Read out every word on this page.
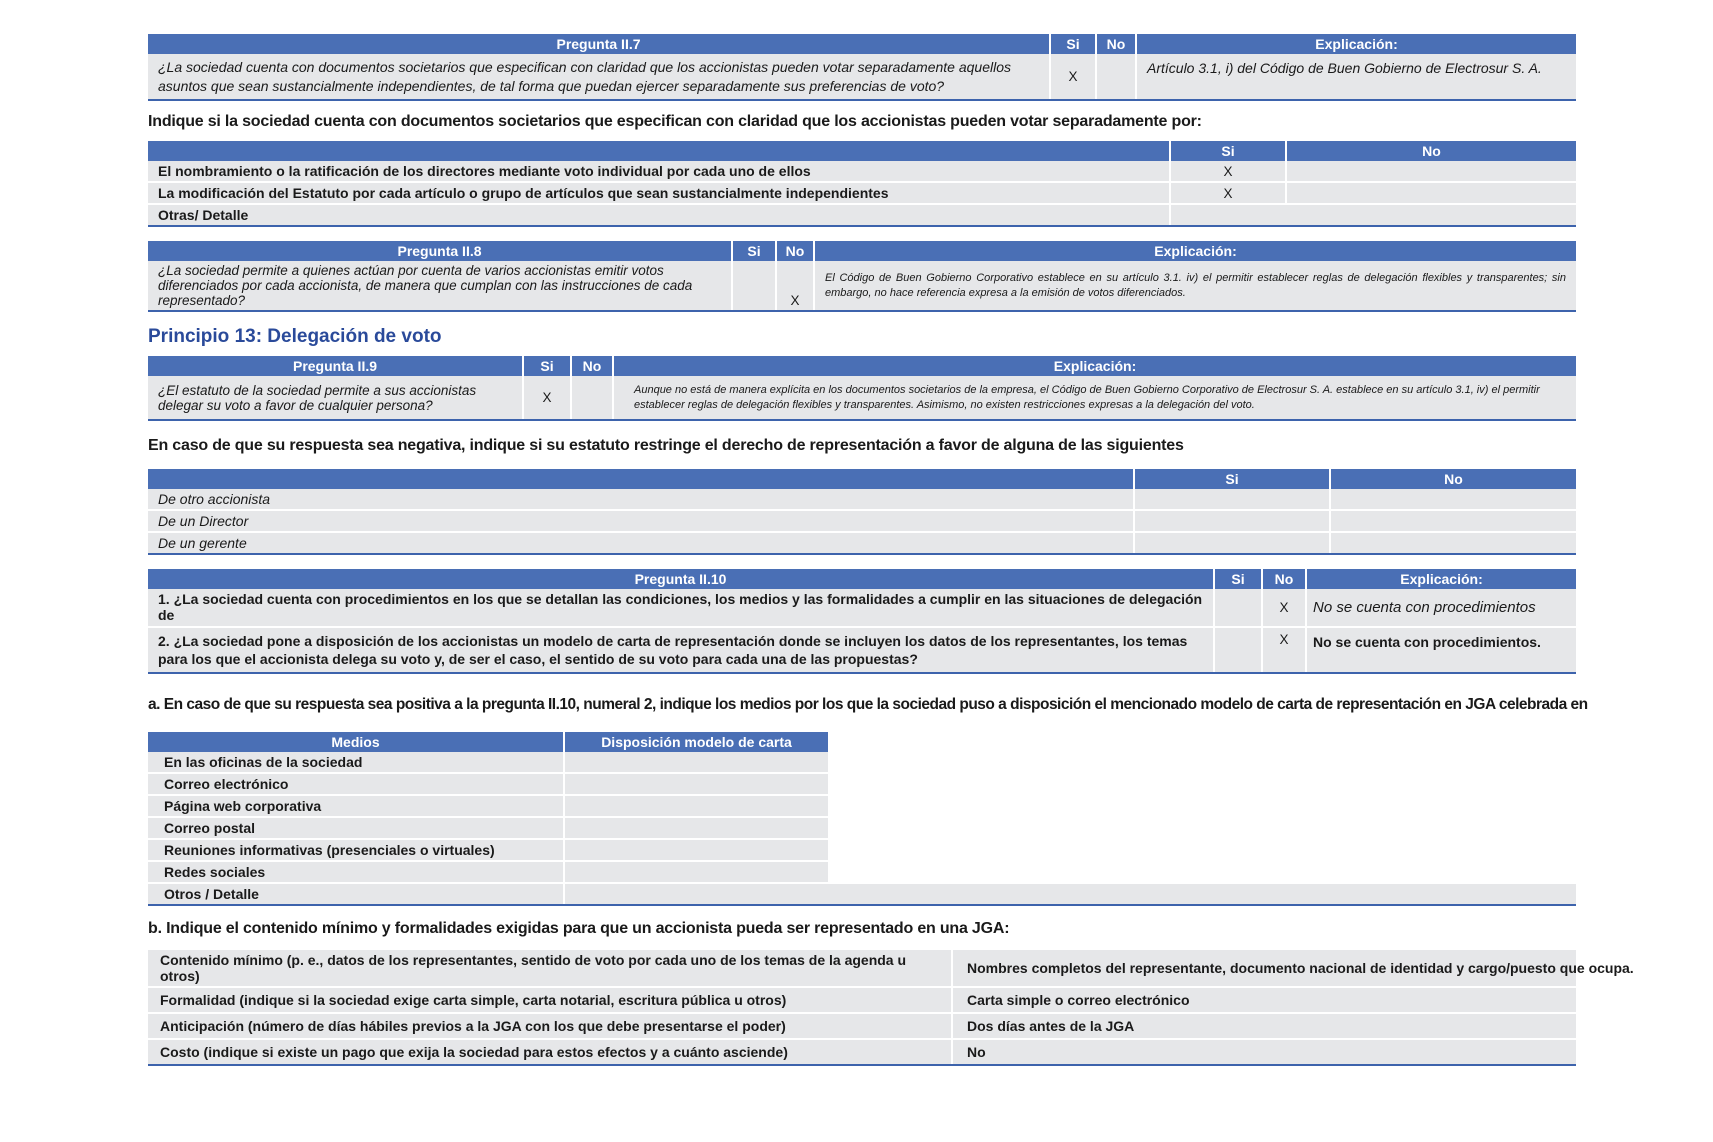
Pregunta II.7	Si	No	Explicación:
¿La sociedad cuenta con documentos societarios que especifican con claridad que los accionistas pueden votar separadamente aquellos asuntos que sean sustancialmente independientes, de tal forma que puedan ejercer separadamente sus preferencias de voto?	X		Artículo 3.1, i) del Código de Buen Gobierno de Electrosur S. A.
Indique si la sociedad cuenta con documentos societarios que especifican con claridad que los accionistas pueden votar separadamente por:
	Si	No
El nombramiento o la ratificación de los directores mediante voto individual por cada uno de ellos	X	
La modificación del Estatuto por cada artículo o grupo de artículos que sean sustancialmente independientes	X	
Otras/ Detalle		
Pregunta II.8	Si	No	Explicación:
¿La sociedad permite a quienes actúan por cuenta de varios accionistas emitir votos diferenciados por cada accionista, de manera que cumplan con las instrucciones de cada representado?		X	El Código de Buen Gobierno Corporativo establece en su artículo 3.1. iv) el permitir establecer reglas de delegación flexibles y transparentes; sin embargo, no hace referencia expresa a la emisión de votos diferenciados.
Principio 13: Delegación de voto
Pregunta II.9	Si	No	Explicación:
¿El estatuto de la sociedad permite a sus accionistas delegar su voto a favor de cualquier persona?	X		Aunque no está de manera explícita en los documentos societarios de la empresa, el Código de Buen Gobierno Corporativo de Electrosur S. A. establece en su artículo 3.1, iv) el permitir establecer reglas de delegación flexibles y transparentes. Asimismo, no existen restricciones expresas a la delegación del voto.
En caso de que su respuesta sea negativa, indique si su estatuto restringe el derecho de representación a favor de alguna de las siguientes
	Si	No
De otro accionista		
De un Director		
De un gerente		
Pregunta II.10	Si	No	Explicación:
1. ¿La sociedad cuenta con procedimientos en los que se detallan las condiciones, los medios y las formalidades a cumplir en las situaciones de delegación de		X	No se cuenta con procedimientos
2. ¿La sociedad pone a disposición de los accionistas un modelo de carta de representación donde se incluyen los datos de los representantes, los temas para los que el accionista delega su voto y, de ser el caso, el sentido de su voto para cada una de las propuestas?		X	No se cuenta con procedimientos.
a. En caso de que su respuesta sea positiva a la pregunta II.10, numeral 2, indique los medios por los que la sociedad puso a disposición el mencionado modelo de carta de representación en JGA celebrada en
Medios	Disposición modelo de carta
En las oficinas de la sociedad	
Correo electrónico	
Página web corporativa	
Correo postal	
Reuniones informativas (presenciales o virtuales)	
Redes sociales	
Otros / Detalle	
b. Indique el contenido mínimo y formalidades exigidas para que un accionista pueda ser representado en una JGA:
Contenido mínimo (p. e., datos de los representantes, sentido de voto por cada uno de los temas de la agenda u otros)	Nombres completos del representante, documento nacional de identidad y cargo/puesto que ocupa.
Formalidad (indique si la sociedad exige carta simple, carta notarial, escritura pública u otros)	Carta simple o correo electrónico
Anticipación (número de días hábiles previos a la JGA con los que debe presentarse el poder)	Dos días antes de la JGA
Costo (indique si existe un pago que exija la sociedad para estos efectos y a cuánto asciende)	No
